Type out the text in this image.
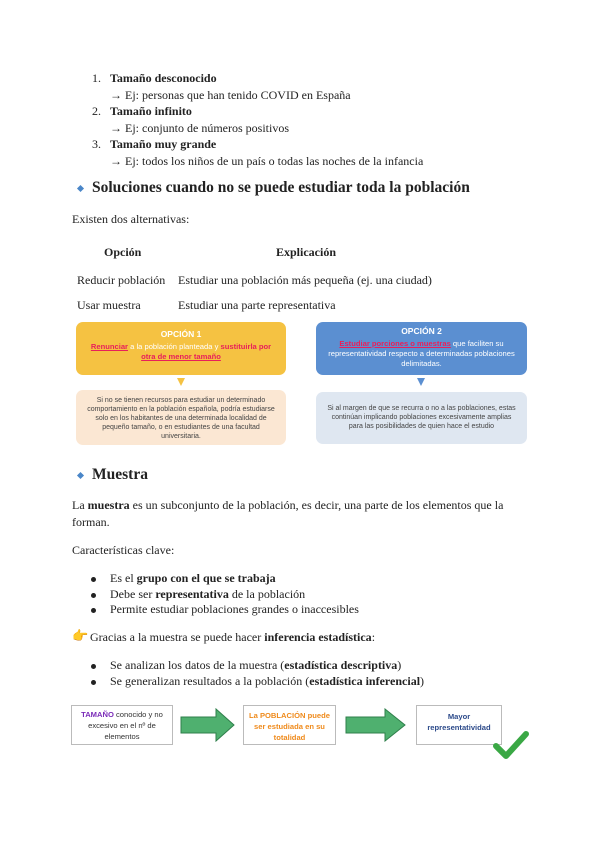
1. Tamaño desconocido
→ Ej: personas que han tenido COVID en España
2. Tamaño infinito
→ Ej: conjunto de números positivos
3. Tamaño muy grande
→ Ej: todos los niños de un país o todas las noches de la infancia
Soluciones cuando no se puede estudiar toda la población
Existen dos alternativas:
Opción	Explicación
Reducir población Estudiar una población más pequeña (ej. una ciudad)
Usar muestra	Estudiar una parte representativa
OPCIÓN 1
Renunciar a la población planteada y sustituirla por
otra de menor tamaño
Si no se tienen recursos para estudiar un determinado comportamiento en la población española, podría estudiarse solo en los habitantes de una determinada localidad de pequeño tamaño, o en estudiantes de una facultad universitaria.
OPCIÓN 2
Estudiar porciones o muestras que faciliten su representatividad respecto a determinadas poblaciones delimitadas.
Si al margen de que se recurra o no a las poblaciones, estas continúan implicando poblaciones excesivamente amplias para las posibilidades de quien hace el estudio
Muestra
La muestra es un subconjunto de la población, es decir, una parte de los elementos que la
forman.
Características clave:
Es el grupo con el que se trabaja
Debe ser representativa de la población
Permite estudiar poblaciones grandes o inaccesibles
👉 Gracias a la muestra se puede hacer inferencia estadística:
Se analizan los datos de la muestra (estadística descriptiva)
Se generalizan resultados a la población (estadística inferencial)
TAMAÑO conocido y no excesivo en el nº de elementos
La POBLACIÓN puede ser estudiada en su totalidad
Mayor representatividad
